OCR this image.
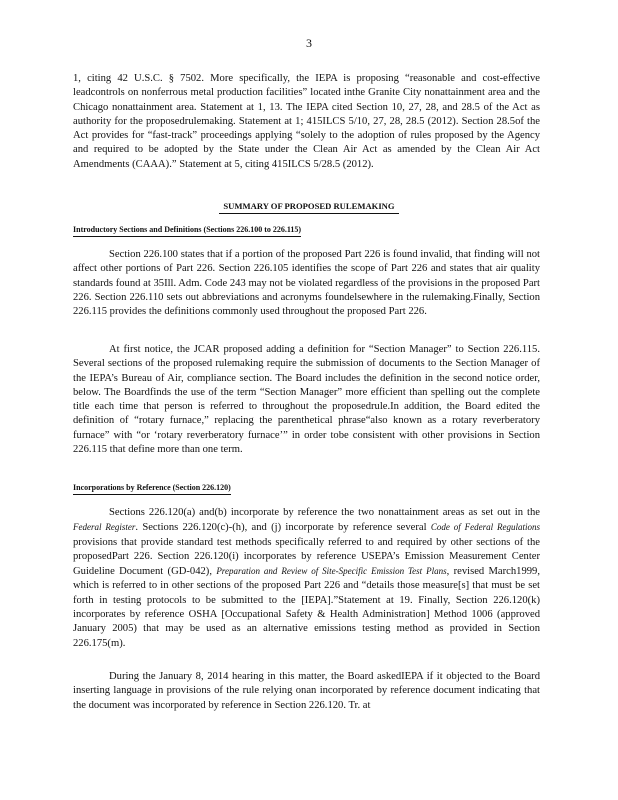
3

1, citing 42 U.S.C. § 7502. More specifically, the IEPA is proposing “reasonable and cost-effective leadcontrols on nonferrous metal production facilities” located inthe Granite City nonattainment area and the Chicago nonattainment area. Statement at 1, 13. The IEPA cited Section 10, 27, 28, and 28.5 of the Act as authority for the proposedrulemaking. Statement at 1; 415ILCS 5/10, 27, 28, 28.5 (2012). Section 28.5of the Act provides for “fast-track” proceedings applying “solely to the adoption of rules proposed by the Agency and required to be adopted by the State under the Clean Air Act as amended by the Clean Air Act Amendments (CAAA).” Statement at 5, citing 415ILCS 5/28.5 (2012).

SUMMARY OF PROPOSED RULEMAKING
Introductory Sections and Definitions (Sections 226.100 to 226.115)

Section 226.100 states that if a portion of the proposed Part 226 is found invalid, that finding will not affect other portions of Part 226. Section 226.105 identifies the scope of Part 226 and states that air quality standards found at 35Ill. Adm. Code 243 may not be violated regardless of the provisions in the proposed Part 226. Section 226.110 sets out abbreviations and acronyms foundelsewhere in the rulemaking.Finally, Section 226.115 provides the definitions commonly used throughout the proposed Part 226.

At first notice, the JCAR proposed adding a definition for “Section Manager” to Section 226.115. Several sections of the proposed rulemaking require the submission of documents to the Section Manager of the IEPA’s Bureau of Air, compliance section. The Board includes the definition in the second notice order, below. The Boardfinds the use of the term “Section Manager” more efficient than spelling out the complete title each time that person is referred to throughout the proposedrule.In addition, the Board edited the definition of “rotary furnace,” replacing the parenthetical phrase“also known as a rotary reverberatory furnace” with “or ‘rotary reverberatory furnace’” in order tobe consistent with other provisions in Section 226.115 that define more than one term.

Incorporations by Reference (Section 226.120)

Sections 226.120(a) and(b) incorporate by reference the two nonattainment areas as set out in the Federal Register. Sections 226.120(c)-(h), and (j) incorporate by reference several Code of Federal Regulations provisions that provide standard test methods specifically referred to and required by other sections of the proposedPart 226. Section 226.120(i) incorporates by reference USEPA’s Emission Measurement Center Guideline Document (GD-042), Preparation and Review of Site-Specific Emission Test Plans, revised March1999, which is referred to in other sections of the proposed Part 226 and “details those measure[s] that must be set forth in testing protocols to be submitted to the [IEPA].”Statement at 19. Finally, Section 226.120(k) incorporates by reference OSHA [Occupational Safety & Health Administration] Method 1006 (approved January 2005) that may be used as an alternative emissions testing method as provided in Section 226.175(m).

During the January 8, 2014 hearing in this matter, the Board askedIEPA if it objected to the Board inserting language in provisions of the rule relying onan incorporated by reference document indicating that the document was incorporated by reference in Section 226.120. Tr. at
